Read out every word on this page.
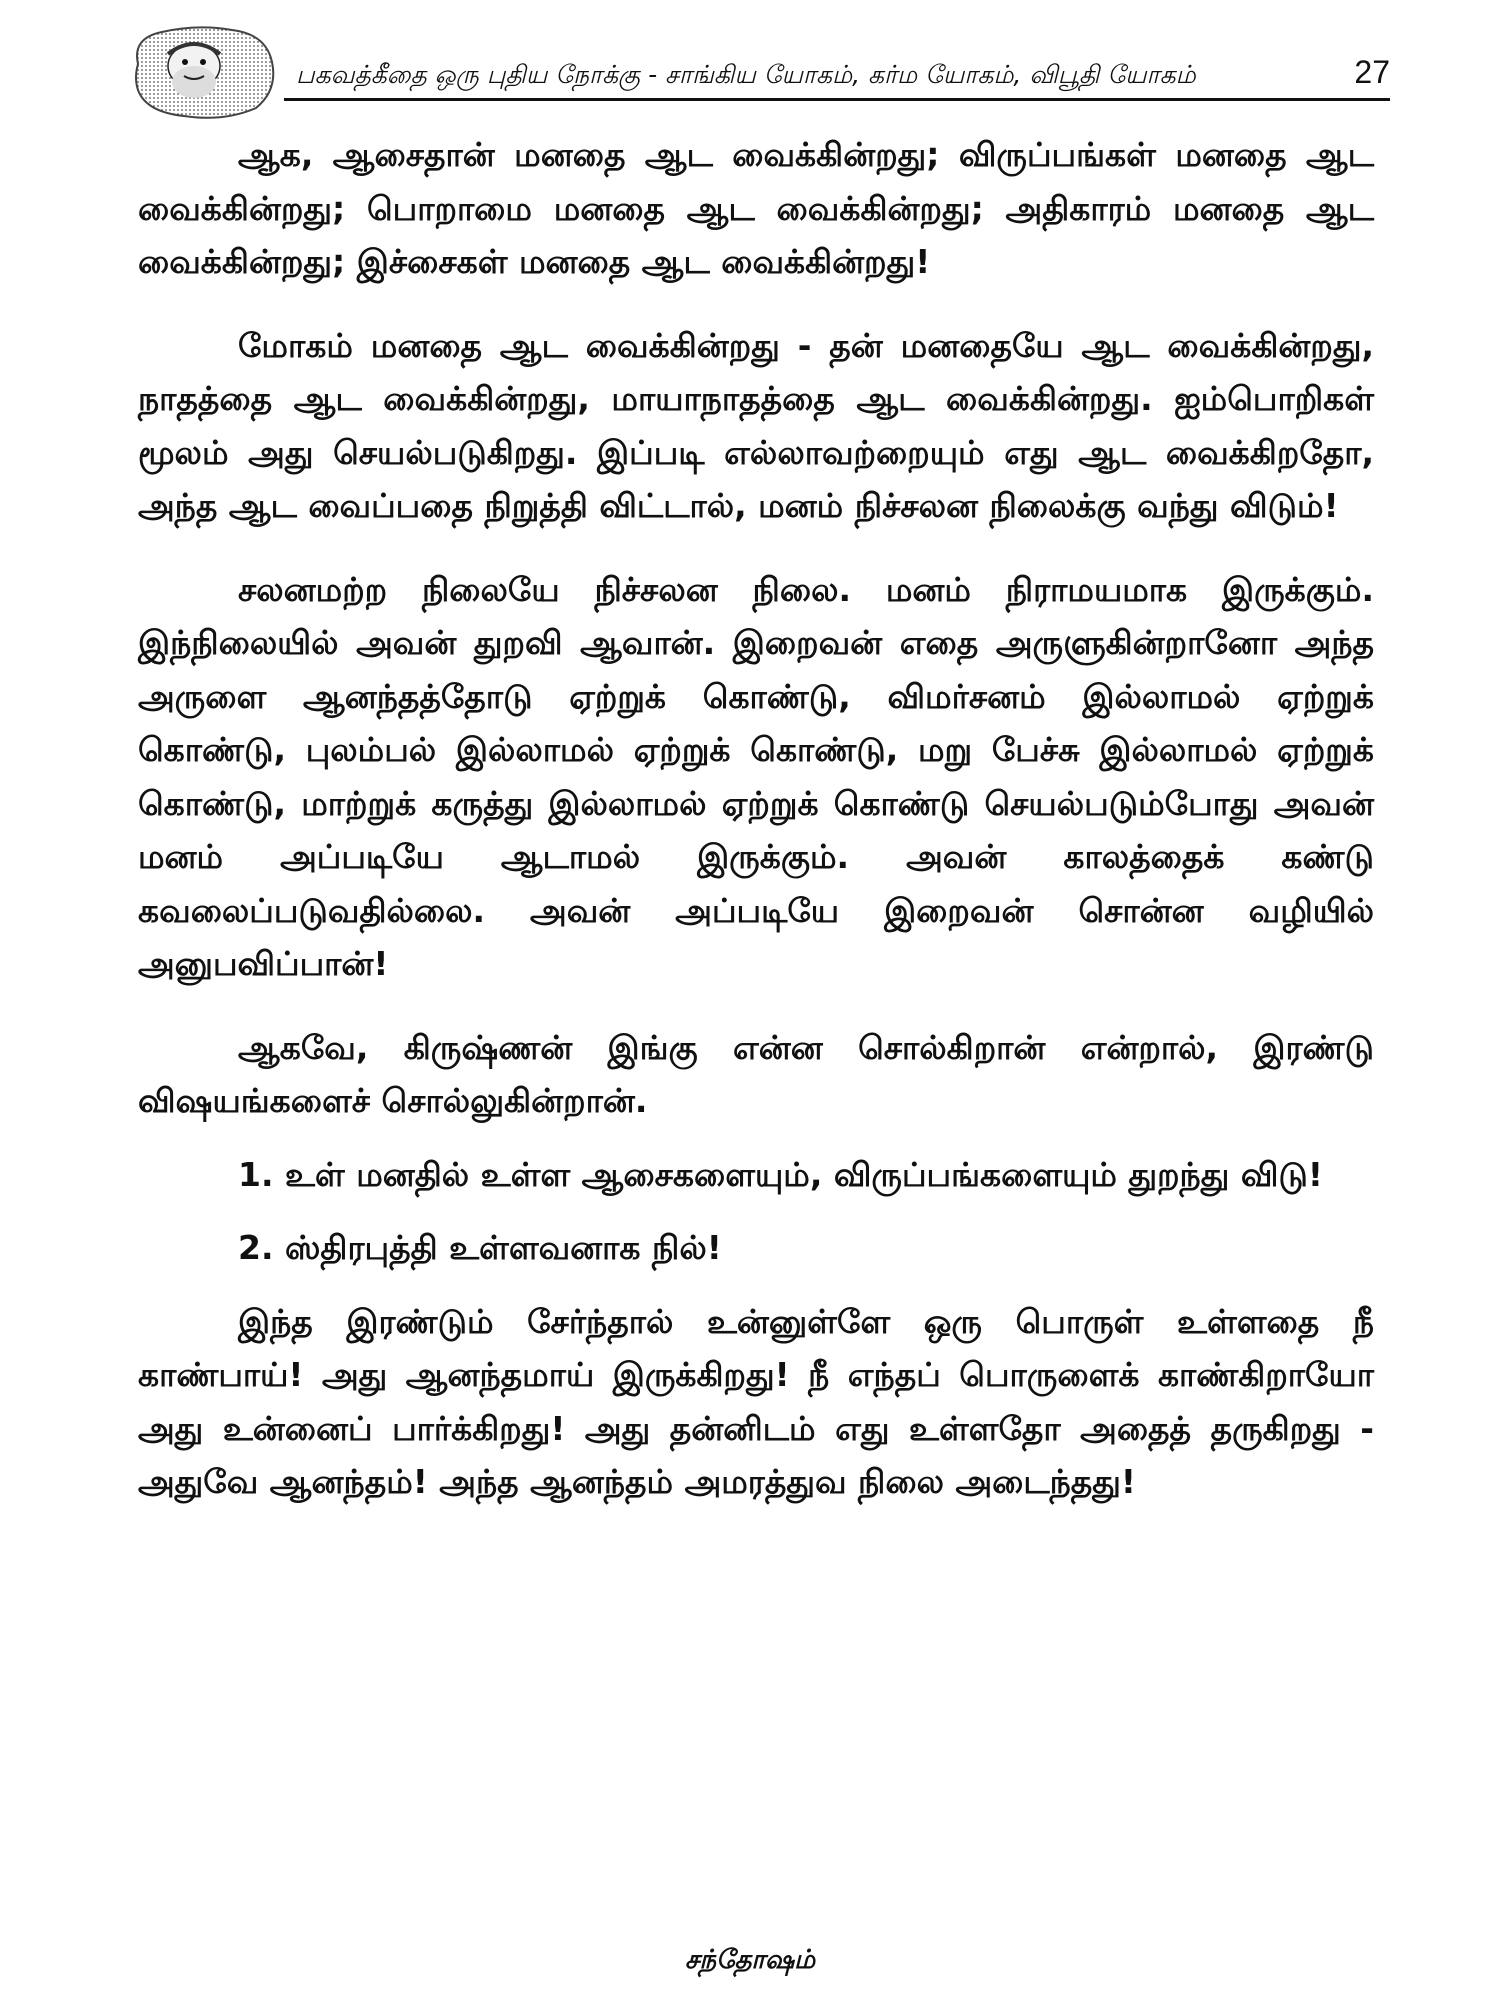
பகவத்கீதை ஒரு புதிய நோக்கு - சாங்கிய யோகம், கர்ம யோகம், விபூதி யோகம்	27

ஆக, ஆசைதான் மனதை ஆட வைக்கின்றது; விருப்பங்கள் மனதை ஆட வைக்கின்றது; பொறாமை மனதை ஆட வைக்கின்றது; அதிகாரம் மனதை ஆட வைக்கின்றது; இச்சைகள் மனதை ஆட வைக்கின்றது!

மோகம் மனதை ஆட வைக்கின்றது - தன் மனதையே ஆட வைக்கின்றது, நாதத்தை ஆட வைக்கின்றது, மாயாநாதத்தை ஆட வைக்கின்றது. ஐம்பொறிகள் மூலம் அது செயல்படுகிறது. இப்படி எல்லாவற்றையும் எது ஆட வைக்கிறதோ, அந்த ஆட வைப்பதை நிறுத்தி விட்டால், மனம் நிச்சலன நிலைக்கு வந்து விடும்!

சலனமற்ற நிலையே நிச்சலன நிலை. மனம் நிராமயமாக இருக்கும். இந்நிலையில் அவன் துறவி ஆவான். இறைவன் எதை அருளுகின்றானோ அந்த அருளை ஆனந்தத்தோடு ஏற்றுக் கொண்டு, விமர்சனம் இல்லாமல் ஏற்றுக் கொண்டு, புலம்பல் இல்லாமல் ஏற்றுக் கொண்டு, மறு பேச்சு இல்லாமல் ஏற்றுக் கொண்டு, மாற்றுக் கருத்து இல்லாமல் ஏற்றுக் கொண்டு செயல்படும்போது அவன் மனம் அப்படியே ஆடாமல் இருக்கும். அவன் காலத்தைக் கண்டு கவலைப்படுவதில்லை. அவன் அப்படியே இறைவன் சொன்ன வழியில் அனுபவிப்பான்!

ஆகவே, கிருஷ்ணன் இங்கு என்ன சொல்கிறான் என்றால், இரண்டு விஷயங்களைச் சொல்லுகின்றான்.

1. உள் மனதில் உள்ள ஆசைகளையும், விருப்பங்களையும் துறந்து விடு!

2. ஸ்திரபுத்தி உள்ளவனாக நில்!

இந்த இரண்டும் சேர்ந்தால் உன்னுள்ளே ஒரு பொருள் உள்ளதை நீ காண்பாய்! அது ஆனந்தமாய் இருக்கிறது! நீ எந்தப் பொருளைக் காண்கிறாயோ அது உன்னைப் பார்க்கிறது! அது தன்னிடம் எது உள்ளதோ அதைத் தருகிறது - அதுவே ஆனந்தம்! அந்த ஆனந்தம் அமரத்துவ நிலை அடைந்தது!

சந்தோஷம்
